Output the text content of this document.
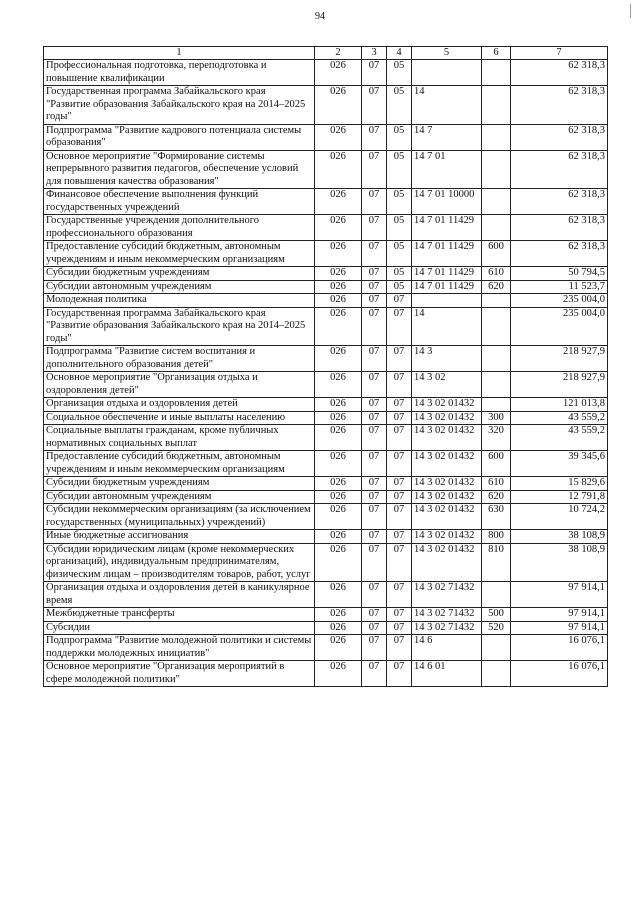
94
1	2	3	4	5	6	7
Профессиональная подготовка, переподготовка и повышение квалификации	026	07	05			62 318,3
Государственная программа Забайкальского края "Развитие образования Забайкальского края на 2014–2025 годы"	026	07	05	14		62 318,3
Подпрограмма "Развитие кадрового потенциала системы образования"	026	07	05	14 7		62 318,3
Основное мероприятие "Формирование системы непрерывного развития педагогов, обеспечение условий для повышения качества образования"	026	07	05	14 7 01		62 318,3
Финансовое обеспечение выполнения функций государственных учреждений	026	07	05	14 7 01 10000		62 318,3
Государственные учреждения дополнительного профессионального образования	026	07	05	14 7 01 11429		62 318,3
Предоставление субсидий бюджетным, автономным учреждениям и иным некоммерческим организациям	026	07	05	14 7 01 11429	600	62 318,3
Субсидии бюджетным учреждениям	026	07	05	14 7 01 11429	610	50 794,5
Субсидии автономным учреждениям	026	07	05	14 7 01 11429	620	11 523,7
Молодежная политика	026	07	07			235 004,0
Государственная программа Забайкальского края "Развитие образования Забайкальского края на 2014–2025 годы"	026	07	07	14		235 004,0
Подпрограмма "Развитие систем воспитания и дополнительного образования детей"	026	07	07	14 3		218 927,9
Основное мероприятие "Организация отдыха и оздоровления детей"	026	07	07	14 3 02		218 927,9
Организация отдыха и оздоровления детей	026	07	07	14 3 02 01432		121 013,8
Социальное обеспечение и иные выплаты населению	026	07	07	14 3 02 01432	300	43 559,2
Социальные выплаты гражданам, кроме публичных нормативных социальных выплат	026	07	07	14 3 02 01432	320	43 559,2
Предоставление субсидий бюджетным, автономным учреждениям и иным некоммерческим организациям	026	07	07	14 3 02 01432	600	39 345,6
Субсидии бюджетным учреждениям	026	07	07	14 3 02 01432	610	15 829,6
Субсидии автономным учреждениям	026	07	07	14 3 02 01432	620	12 791,8
Субсидии некоммерческим организациям (за исключением государственных (муниципальных) учреждений)	026	07	07	14 3 02 01432	630	10 724,2
Иные бюджетные ассигнования	026	07	07	14 3 02 01432	800	38 108,9
Субсидии юридическим лицам (кроме некоммерческих организаций), индивидуальным предпринимателям, физическим лицам – производителям товаров, работ, услуг	026	07	07	14 3 02 01432	810	38 108,9
Организация отдыха и оздоровления детей в каникулярное время	026	07	07	14 3 02 71432		97 914,1
Межбюджетные трансферты	026	07	07	14 3 02 71432	500	97 914,1
Субсидии	026	07	07	14 3 02 71432	520	97 914,1
Подпрограмма "Развитие молодежной политики и системы поддержки молодежных инициатив"	026	07	07	14 6		16 076,1
Основное мероприятие "Организация мероприятий в сфере молодежной политики"	026	07	07	14 6 01		16 076,1
